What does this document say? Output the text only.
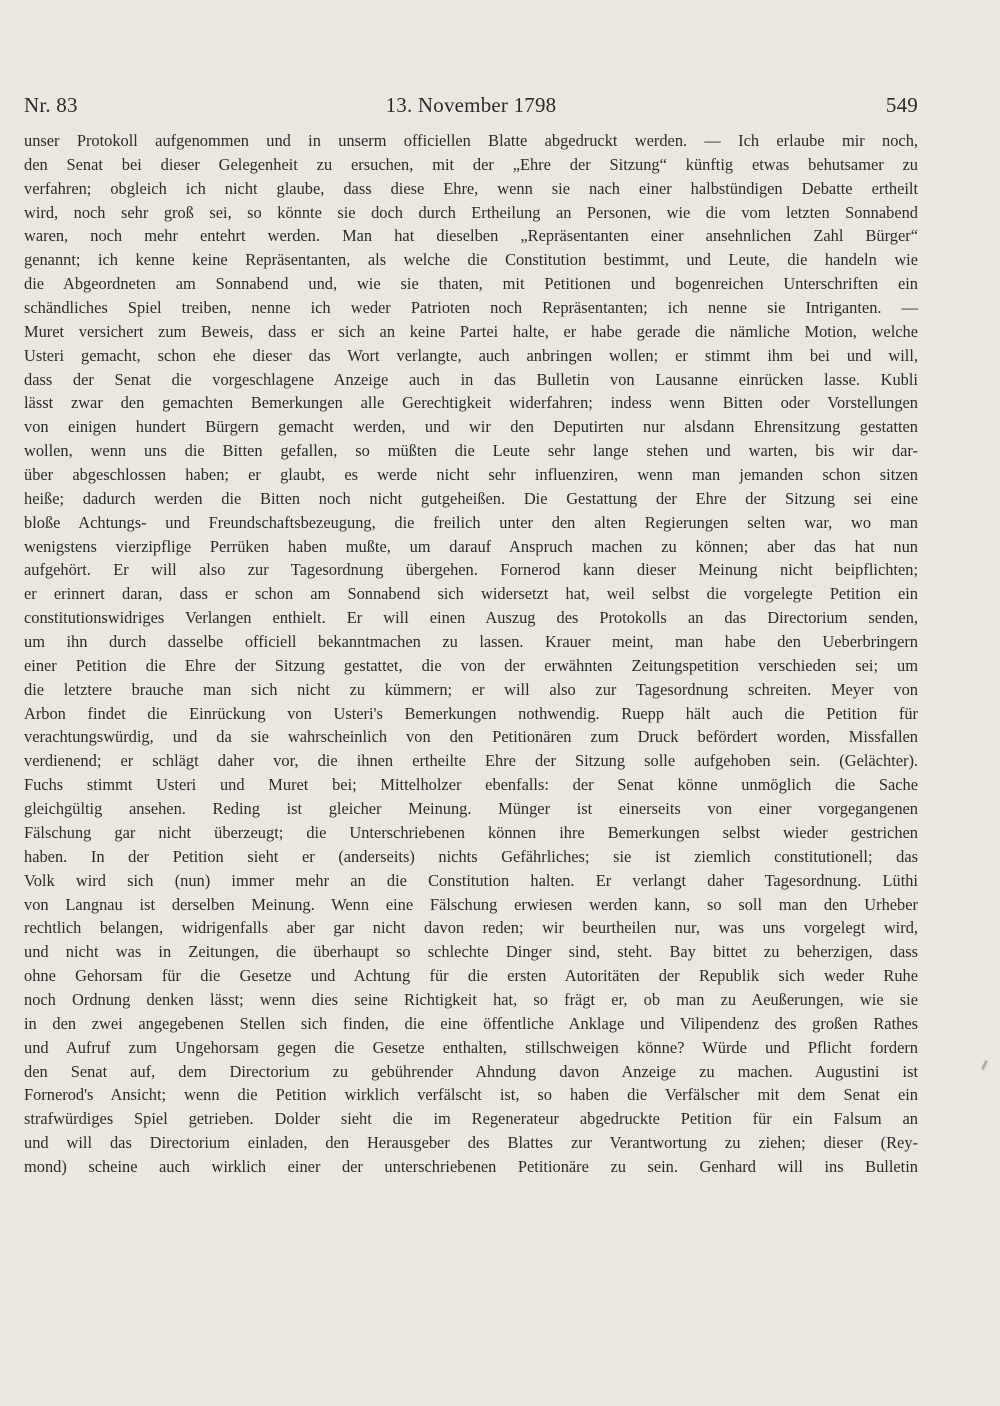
Nr. 83	13. November 1798	549
unser Protokoll aufgenommen und in unserm officiellen Blatte abgedruckt werden. — Ich erlaube mir noch,
den Senat bei dieser Gelegenheit zu ersuchen, mit der „Ehre der Sitzung“ künftig etwas behutsamer zu
verfahren; obgleich ich nicht glaube, dass diese Ehre, wenn sie nach einer halbstündigen Debatte ertheilt
wird, noch sehr groß sei, so könnte sie doch durch Ertheilung an Personen, wie die vom letzten Sonnabend
waren, noch mehr entehrt werden. Man hat dieselben „Repräsentanten einer ansehnlichen Zahl Bürger“
genannt; ich kenne keine Repräsentanten, als welche die Constitution bestimmt, und Leute, die handeln wie
die Abgeordneten am Sonnabend und, wie sie thaten, mit Petitionen und bogenreichen Unterschriften ein
schändliches Spiel treiben, nenne ich weder Patrioten noch Repräsentanten; ich nenne sie Intriganten. —
Muret versichert zum Beweis, dass er sich an keine Partei halte, er habe gerade die nämliche Motion, welche
Usteri gemacht, schon ehe dieser das Wort verlangte, auch anbringen wollen; er stimmt ihm bei und will,
dass der Senat die vorgeschlagene Anzeige auch in das Bulletin von Lausanne einrücken lasse. Kubli
lässt zwar den gemachten Bemerkungen alle Gerechtigkeit widerfahren; indess wenn Bitten oder Vorstellungen
von einigen hundert Bürgern gemacht werden, und wir den Deputirten nur alsdann Ehrensitzung gestatten
wollen, wenn uns die Bitten gefallen, so müßten die Leute sehr lange stehen und warten, bis wir dar-
über abgeschlossen haben; er glaubt, es werde nicht sehr influenziren, wenn man jemanden schon sitzen
heiße; dadurch werden die Bitten noch nicht gutgeheißen. Die Gestattung der Ehre der Sitzung sei eine
bloße Achtungs- und Freundschaftsbezeugung, die freilich unter den alten Regierungen selten war, wo man
wenigstens vierzipflige Perrüken haben mußte, um darauf Anspruch machen zu können; aber das hat nun
aufgehört. Er will also zur Tagesordnung übergehen. Fornerod kann dieser Meinung nicht beipflichten;
er erinnert daran, dass er schon am Sonnabend sich widersetzt hat, weil selbst die vorgelegte Petition ein
constitutionswidriges Verlangen enthielt. Er will einen Auszug des Protokolls an das Directorium senden,
um ihn durch dasselbe officiell bekanntmachen zu lassen. Krauer meint, man habe den Ueberbringern
einer Petition die Ehre der Sitzung gestattet, die von der erwähnten Zeitungspetition verschieden sei; um
die letztere brauche man sich nicht zu kümmern; er will also zur Tagesordnung schreiten. Meyer von
Arbon findet die Einrückung von Usteri's Bemerkungen nothwendig. Ruepp hält auch die Petition für
verachtungswürdig, und da sie wahrscheinlich von den Petitionären zum Druck befördert worden, Missfallen
verdienend; er schlägt daher vor, die ihnen ertheilte Ehre der Sitzung solle aufgehoben sein. (Gelächter).
Fuchs stimmt Usteri und Muret bei; Mittelholzer ebenfalls: der Senat könne unmöglich die Sache
gleichgültig ansehen. Reding ist gleicher Meinung. Münger ist einerseits von einer vorgegangenen
Fälschung gar nicht überzeugt; die Unterschriebenen können ihre Bemerkungen selbst wieder gestrichen
haben. In der Petition sieht er (anderseits) nichts Gefährliches; sie ist ziemlich constitutionell; das
Volk wird sich (nun) immer mehr an die Constitution halten. Er verlangt daher Tagesordnung. Lüthi
von Langnau ist derselben Meinung. Wenn eine Fälschung erwiesen werden kann, so soll man den Urheber
rechtlich belangen, widrigenfalls aber gar nicht davon reden; wir beurtheilen nur, was uns vorgelegt wird,
und nicht was in Zeitungen, die überhaupt so schlechte Dinger sind, steht. Bay bittet zu beherzigen, dass
ohne Gehorsam für die Gesetze und Achtung für die ersten Autoritäten der Republik sich weder Ruhe
noch Ordnung denken lässt; wenn dies seine Richtigkeit hat, so frägt er, ob man zu Aeußerungen, wie sie
in den zwei angegebenen Stellen sich finden, die eine öffentliche Anklage und Vilipendenz des großen Rathes
und Aufruf zum Ungehorsam gegen die Gesetze enthalten, stillschweigen könne? Würde und Pflicht fordern
den Senat auf, dem Directorium zu gebührender Ahndung davon Anzeige zu machen. Augustini ist
Fornerod's Ansicht; wenn die Petition wirklich verfälscht ist, so haben die Verfälscher mit dem Senat ein
strafwürdiges Spiel getrieben. Dolder sieht die im Regenerateur abgedruckte Petition für ein Falsum an
und will das Directorium einladen, den Herausgeber des Blattes zur Verantwortung zu ziehen; dieser (Rey-
mond) scheine auch wirklich einer der unterschriebenen Petitionäre zu sein. Genhard will ins Bulletin
